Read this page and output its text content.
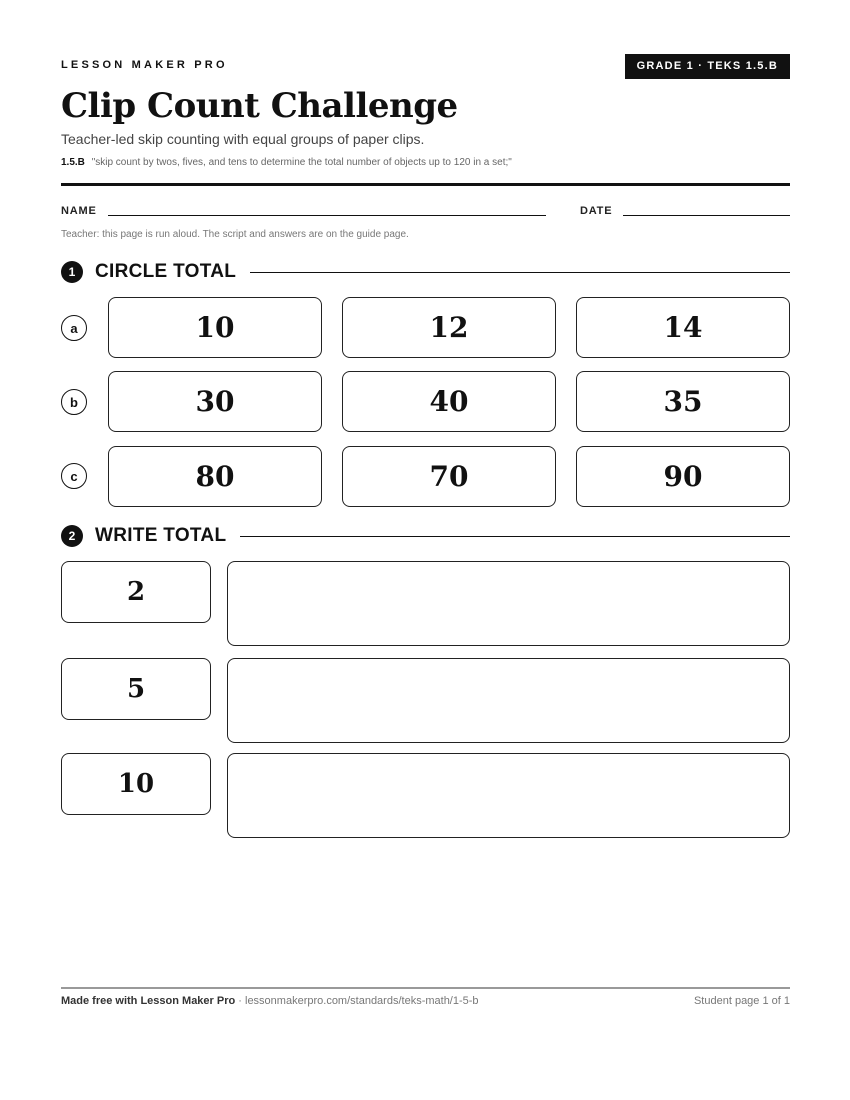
LESSON MAKER PRO	GRADE 1 · TEKS 1.5.B
Clip Count Challenge
Teacher-led skip counting with equal groups of paper clips.
1.5.B "skip count by twos, fives, and tens to determine the total number of objects up to 120 in a set;"
NAME	DATE
Teacher: this page is run aloud. The script and answers are on the guide page.
1	CIRCLE TOTAL
a	10	12	14
b	30	40	35
c	80	70	90
2	WRITE TOTAL
2
5
10
Made free with Lesson Maker Pro · lessonmakerpro.com/standards/teks-math/1-5-b	Student page 1 of 1
